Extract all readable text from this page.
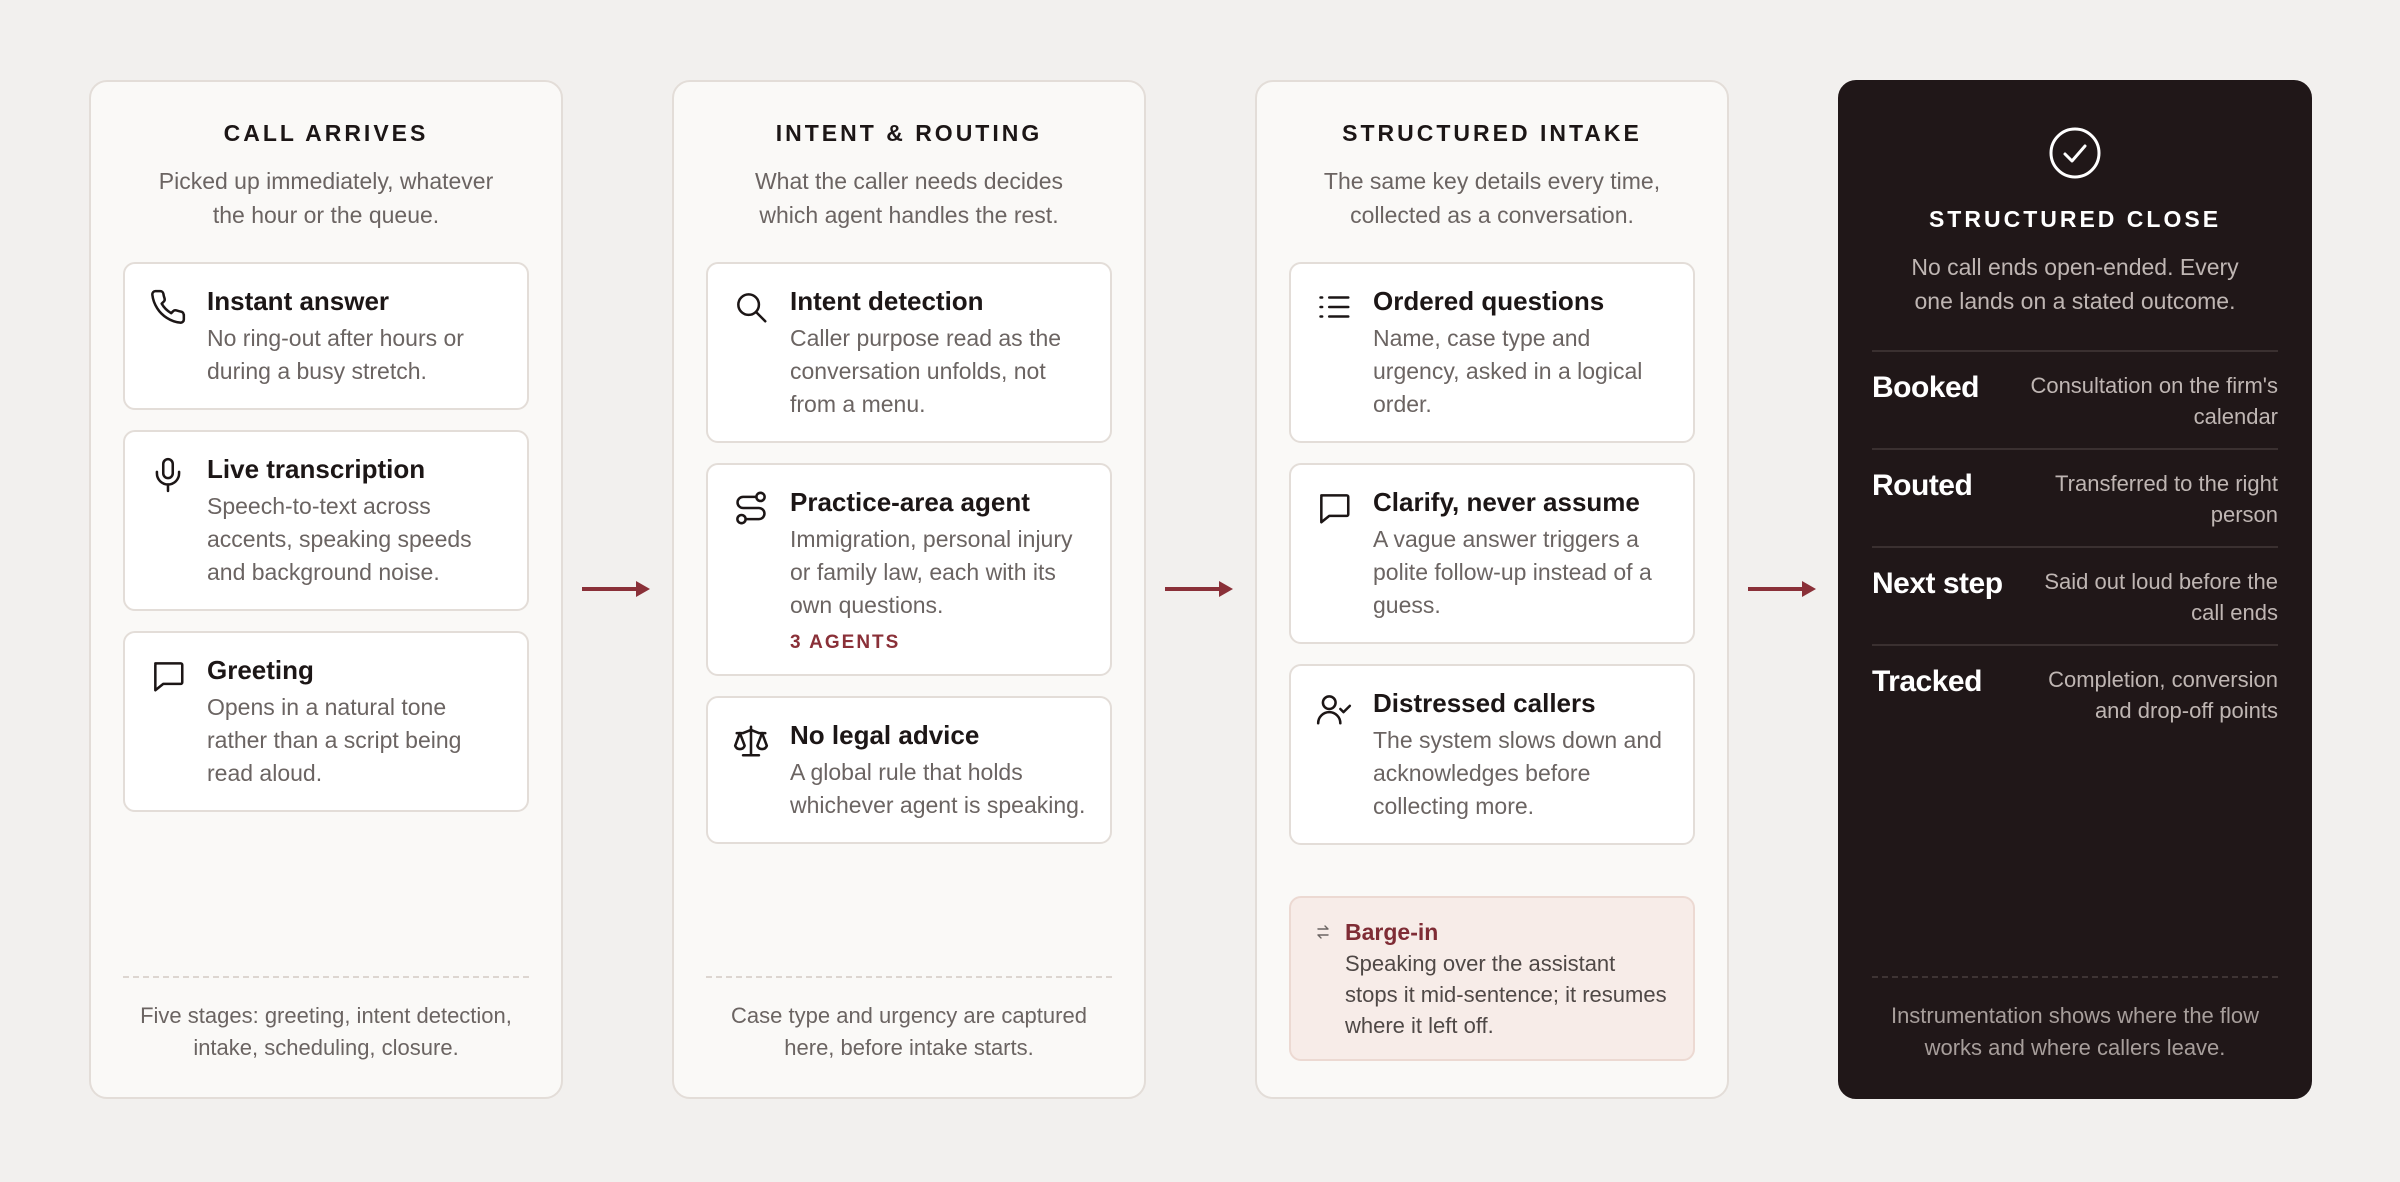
CALL ARRIVES
Picked up immediately, whatever the hour or the queue.
Instant answer
No ring-out after hours or during a busy stretch.
Live transcription
Speech-to-text across accents, speaking speeds and background noise.
Greeting
Opens in a natural tone rather than a script being read aloud.
Five stages: greeting, intent detection, intake, scheduling, closure.
INTENT & ROUTING
What the caller needs decides which agent handles the rest.
Intent detection
Caller purpose read as the conversation unfolds, not from a menu.
Practice-area agent
Immigration, personal injury or family law, each with its own questions.
3 AGENTS
No legal advice
A global rule that holds whichever agent is speaking.
Case type and urgency are captured here, before intake starts.
STRUCTURED INTAKE
The same key details every time, collected as a conversation.
Ordered questions
Name, case type and urgency, asked in a logical order.
Clarify, never assume
A vague answer triggers a polite follow-up instead of a guess.
Distressed callers
The system slows down and acknowledges before collecting more.
Barge-in
Speaking over the assistant stops it mid-sentence; it resumes where it left off.
STRUCTURED CLOSE
No call ends open-ended. Every one lands on a stated outcome.
Booked	Consultation on the firm's calendar
Routed	Transferred to the right person
Next step	Said out loud before the call ends
Tracked	Completion, conversion and drop-off points
Instrumentation shows where the flow works and where callers leave.
